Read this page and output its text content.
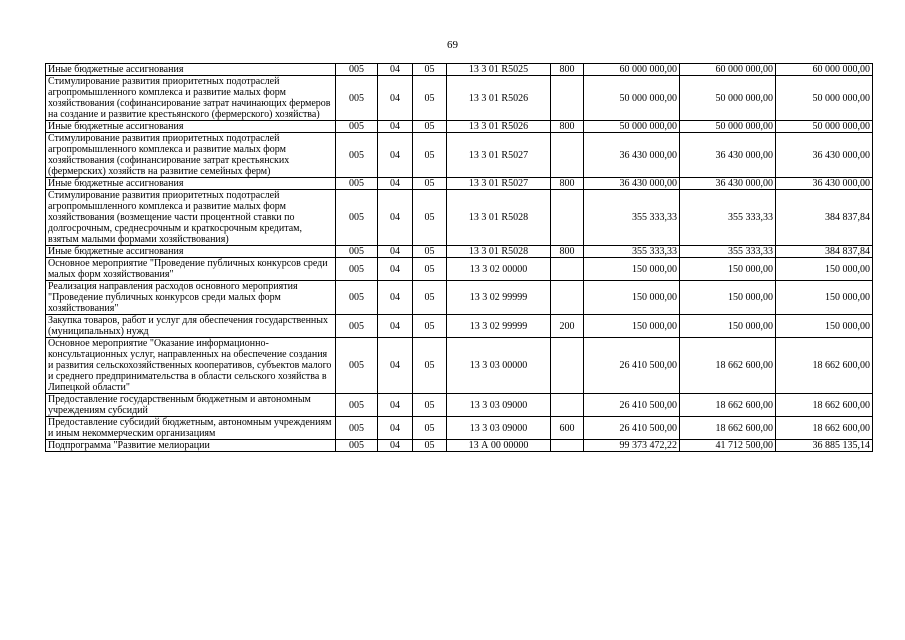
69
Иные бюджетные ассигнования	005	04	05	13 3 01 R5025	800	60 000 000,00	60 000 000,00	60 000 000,00
Стимулирование развития приоритетных подотраслей агропромышленного комплекса и развитие малых форм хозяйствования (софинансирование затрат начинающих фермеров на создание и развитие крестьянского (фермерского) хозяйства)	005	04	05	13 3 01 R5026		50 000 000,00	50 000 000,00	50 000 000,00
Иные бюджетные ассигнования	005	04	05	13 3 01 R5026	800	50 000 000,00	50 000 000,00	50 000 000,00
Стимулирование развития приоритетных подотраслей агропромышленного комплекса и развитие малых форм хозяйствования (софинансирование затрат крестьянских (фермерских) хозяйств на развитие семейных ферм)	005	04	05	13 3 01 R5027		36 430 000,00	36 430 000,00	36 430 000,00
Иные бюджетные ассигнования	005	04	05	13 3 01 R5027	800	36 430 000,00	36 430 000,00	36 430 000,00
Стимулирование развития приоритетных подотраслей агропромышленного комплекса и развитие малых форм хозяйствования (возмещение части процентной ставки по долгосрочным, среднесрочным и краткосрочным кредитам, взятым малыми формами хозяйствования)	005	04	05	13 3 01 R5028		355 333,33	355 333,33	384 837,84
Иные бюджетные ассигнования	005	04	05	13 3 01 R5028	800	355 333,33	355 333,33	384 837,84
Основное мероприятие "Проведение публичных конкурсов среди малых форм хозяйствования"	005	04	05	13 3 02 00000		150 000,00	150 000,00	150 000,00
Реализация направления расходов основного мероприятия "Проведение публичных конкурсов среди малых форм хозяйствования"	005	04	05	13 3 02 99999		150 000,00	150 000,00	150 000,00
Закупка товаров, работ и услуг для обеспечения государственных (муниципальных) нужд	005	04	05	13 3 02 99999	200	150 000,00	150 000,00	150 000,00
Основное мероприятие "Оказание информационно-консультационных услуг, направленных на обеспечение создания и развития сельскохозяйственных кооперативов, субъектов малого и среднего предпринимательства в области сельского хозяйства в Липецкой области"	005	04	05	13 3 03 00000		26 410 500,00	18 662 600,00	18 662 600,00
Предоставление государственным бюджетным и автономным учреждениям субсидий	005	04	05	13 3 03 09000		26 410 500,00	18 662 600,00	18 662 600,00
Предоставление субсидий бюджетным, автономным учреждениям и иным некоммерческим организациям	005	04	05	13 3 03 09000	600	26 410 500,00	18 662 600,00	18 662 600,00
Подпрограмма "Развитие мелиорации	005	04	05	13 А 00 00000		99 373 472,22	41 712 500,00	36 885 135,14
